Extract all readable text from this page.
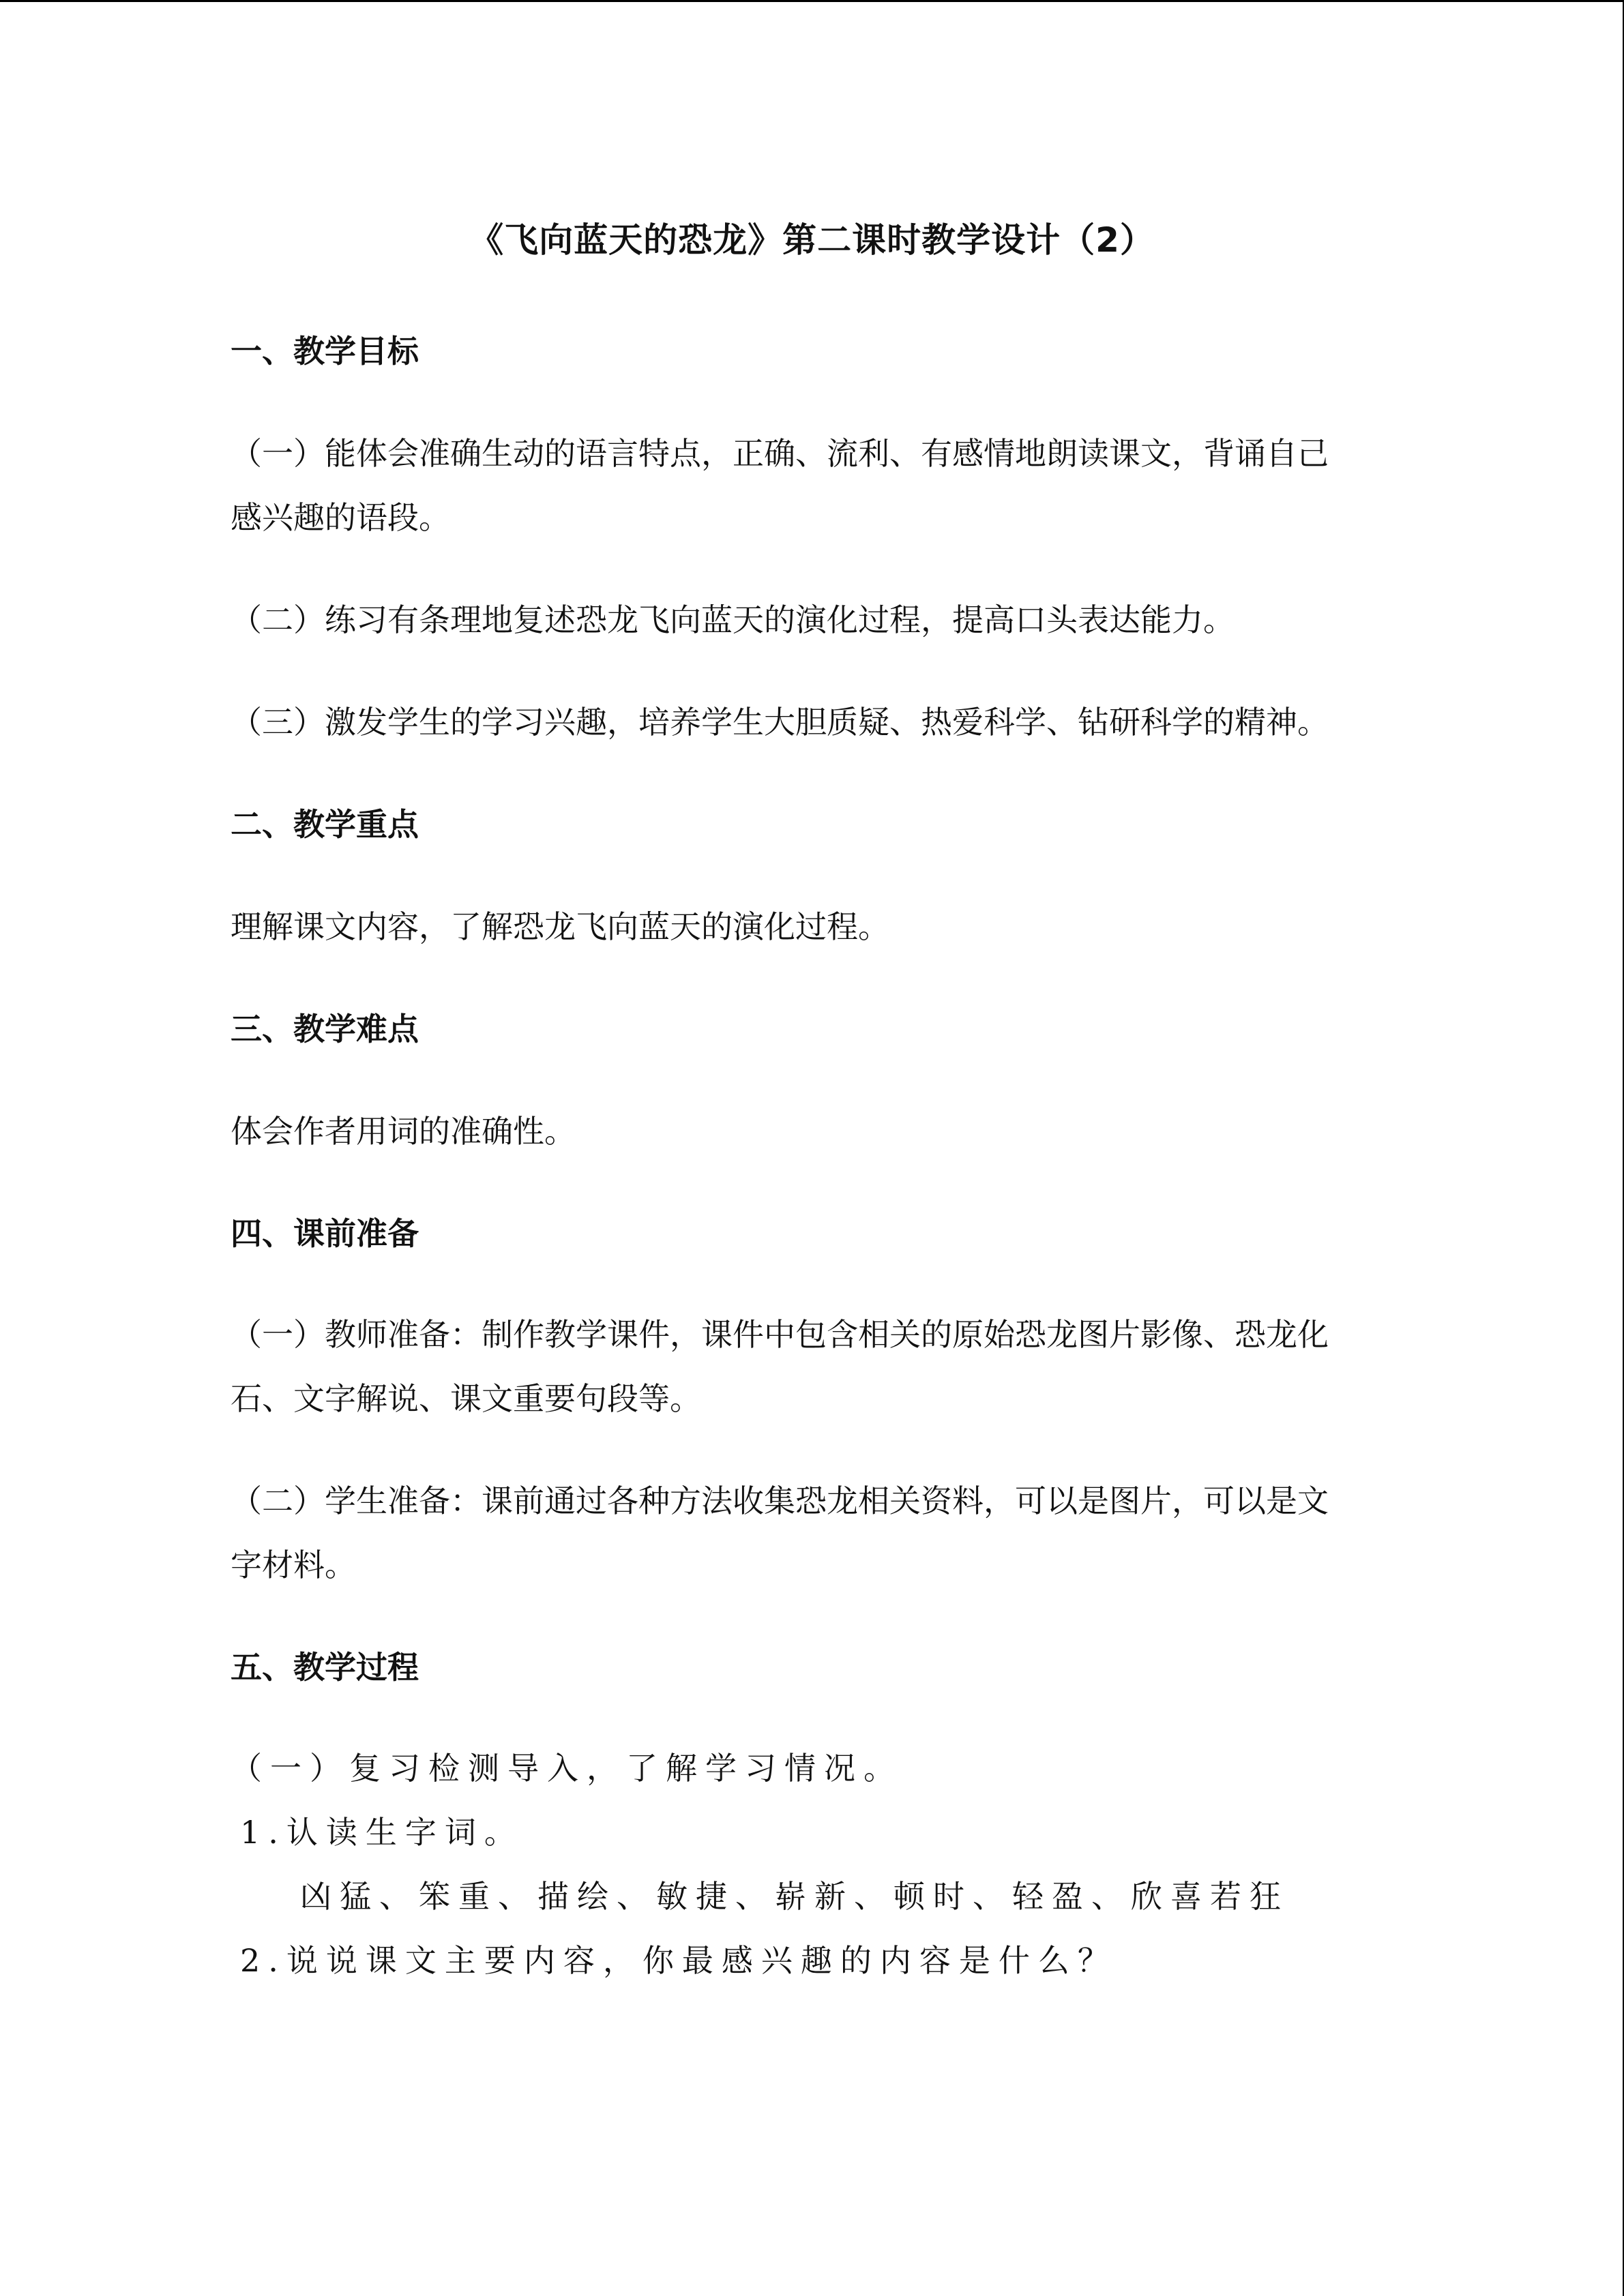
《飞向蓝天的恐龙》第二课时教学设计（2）
一、教学目标
（一）能体会准确生动的语言特点，正确、流利、有感情地朗读课文，背诵自己
感兴趣的语段。
（二）练习有条理地复述恐龙飞向蓝天的演化过程，提高口头表达能力。
（三）激发学生的学习兴趣，培养学生大胆质疑、热爱科学、钻研科学的精神。
二、教学重点
理解课文内容，了解恐龙飞向蓝天的演化过程。
三、教学难点
体会作者用词的准确性。
四、课前准备
（一）教师准备：制作教学课件，课件中包含相关的原始恐龙图片影像、恐龙化
石、文字解说、课文重要句段等。
（二）学生准备：课前通过各种方法收集恐龙相关资料，可以是图片，可以是文
字材料。
五、教学过程
（一）复习检测导入，了解学习情况。
1.认读生字词。
凶猛、笨重、描绘、敏捷、崭新、顿时、轻盈、欣喜若狂
2.说说课文主要内容，你最感兴趣的内容是什么？
